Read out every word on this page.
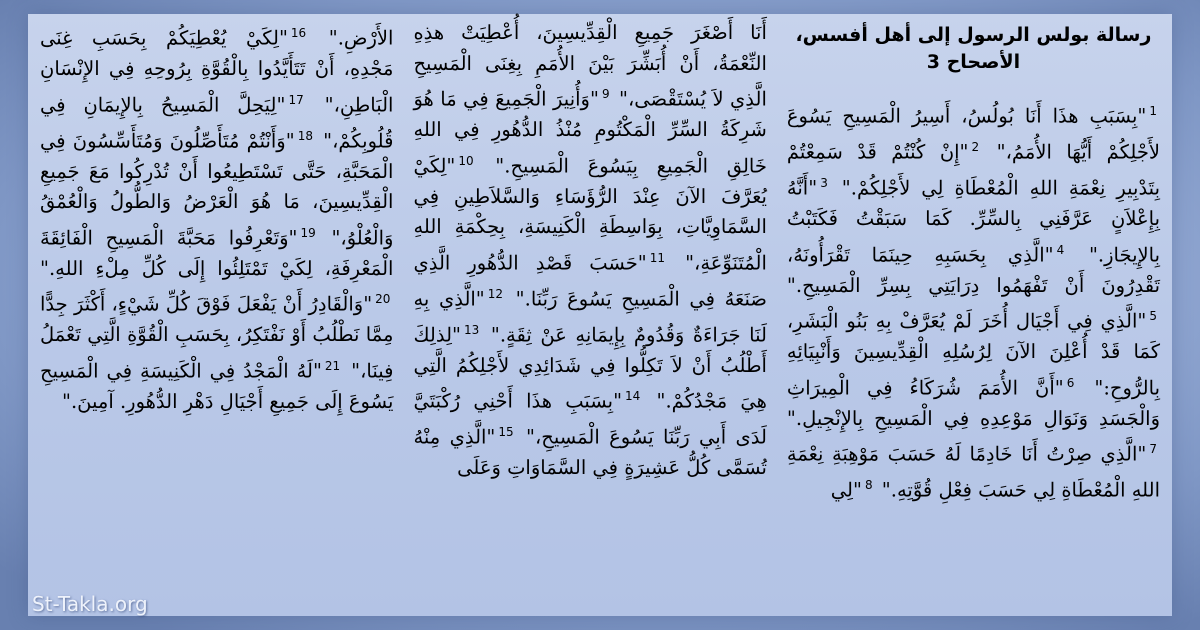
رسالة بولس الرسول إلى أهل أفسس،
الأصحاح 3
$^1$"بِسَبَبِ هذَا أَنَا بُولُسُ، أَسِيرُ الْمَسِيحِ يَسُوعَ لأَجْلِكُمْ أَيُّهَا الأُمَمُ،" $^2$"إِنْ كُنْتُمْ قَدْ سَمِعْتُمْ بِتَدْبِيرِ نِعْمَةِ اللهِ الْمُعْطَاةِ لِي لأَجْلِكُمْ." $^3$"أَنَّهُ بِإِعْلاَنٍ عَرَّفَنِي بِالسِّرِّ. كَمَا سَبَقْتُ فَكَتَبْتُ بِالإِيجَازِ." $^4$"الَّذِي بِحَسَبِهِ حِينَمَا تَقْرَأُونَهُ، تَقْدِرُونَ أَنْ تَفْهَمُوا دِرَايَتِي بِسِرِّ الْمَسِيحِ." $^5$"الَّذِي فِي أَجْيَال أُخَرَ لَمْ يُعَرَّفْ بِهِ بَنُو الْبَشَرِ، كَمَا قَدْ أُعْلِنَ الآنَ لِرُسُلِهِ الْقِدِّيسِينَ وَأَنْبِيَائِهِ بِالرُّوحِ:" $^6$"أَنَّ الأُمَمَ شُرَكَاءُ فِي الْمِيرَاثِ وَالْجَسَدِ وَنَوَالِ مَوْعِدِهِ فِي الْمَسِيحِ بِالإِنْجِيلِ." $^7$"الَّذِي صِرْتُ أَنَا خَادِمًا لَهُ حَسَبَ مَوْهِبَةِ نِعْمَةِ اللهِ الْمُعْطَاةِ لِي حَسَبَ فِعْلِ قُوَّتِهِ." $^8$"لِي
أَنَا أَصْغَرَ جَمِيعِ الْقِدِّيسِينَ، أُعْطِيَتْ هذِهِ النِّعْمَةُ، أَنْ أُبَشِّرَ بَيْنَ الأُمَمِ بِغِنَى الْمَسِيحِ الَّذِي لاَ يُسْتَقْصَى،" $^9$"وَأُنِيرَ الْجَمِيعَ فِي مَا هُوَ شَرِكَةُ السِّرِّ الْمَكْتُومِ مُنْذُ الدُّهُورِ فِي اللهِ خَالِقِ الْجَمِيعِ بِيَسُوعَ الْمَسِيحِ." $^{10}$"لِكَيْ يُعَرَّفَ الآنَ عِنْدَ الرُّؤَسَاءِ وَالسَّلاَطِينِ فِي السَّمَاوِيَّاتِ، بِوَاسِطَةِ الْكَنِيسَةِ، بِحِكْمَةِ اللهِ الْمُتَنَوِّعَةِ،" $^{11}$"حَسَبَ قَصْدِ الدُّهُورِ الَّذِي صَنَعَهُ فِي الْمَسِيحِ يَسُوعَ رَبِّنَا." $^{12}$"الَّذِي بِهِ لَنَا جَرَاءَةٌ وَقُدُومٌ بِإِيمَانِهِ عَنْ ثِقَةٍ." $^{13}$"لِذلِكَ أَطْلُبُ أَنْ لاَ تَكِلُّوا فِي شَدَائِدِي لأَجْلِكُمُ الَّتِي هِيَ مَجْدُكُمْ." $^{14}$"بِسَبَبِ هذَا أَحْنِي رُكْبَتَيَّ لَدَى أَبِي رَبِّنَا يَسُوعَ الْمَسِيحِ،" $^{15}$"الَّذِي مِنْهُ تُسَمَّى كُلُّ عَشِيرَةٍ فِي السَّمَاوَاتِ وَعَلَى
الأَرْضِ." $^{16}$"لِكَيْ يُعْطِيَكُمْ بِحَسَبِ غِنَى مَجْدِهِ، أَنْ تَتَأَيَّدُوا بِالْقُوَّةِ بِرُوحِهِ فِي الإِنْسَانِ الْبَاطِنِ،" $^{17}$"لِيَحِلَّ الْمَسِيحُ بِالإِيمَانِ فِي قُلُوبِكُمْ،" $^{18}$"وَأَنْتُمْ مُتَأَصِّلُونَ وَمُتَأَسِّسُونَ فِي الْمَحَبَّةِ، حَتَّى تَسْتَطِيعُوا أَنْ تُدْرِكُوا مَعَ جَمِيعِ الْقِدِّيسِينَ، مَا هُوَ الْعَرْضُ وَالطُّولُ وَالْعُمْقُ وَالْعُلْوُ،" $^{19}$"وَتَعْرِفُوا مَحَبَّةَ الْمَسِيحِ الْفَائِقَةَ الْمَعْرِفَةِ، لِكَيْ تَمْتَلِئُوا إِلَى كُلِّ مِلْءِ اللهِ." $^{20}$"وَالْقَادِرُ أَنْ يَفْعَلَ فَوْقَ كُلِّ شَيْءٍ، أَكْثَرَ جِدًّا مِمَّا نَطْلُبُ أَوْ نَفْتَكِرُ، بِحَسَبِ الْقُوَّةِ الَّتِي تَعْمَلُ فِينَا،" $^{21}$"لَهُ الْمَجْدُ فِي الْكَنِيسَةِ فِي الْمَسِيحِ يَسُوعَ إِلَى جَمِيعِ أَجْيَالِ دَهْرِ الدُّهُورِ. آمِينَ."
St-Takla.org
